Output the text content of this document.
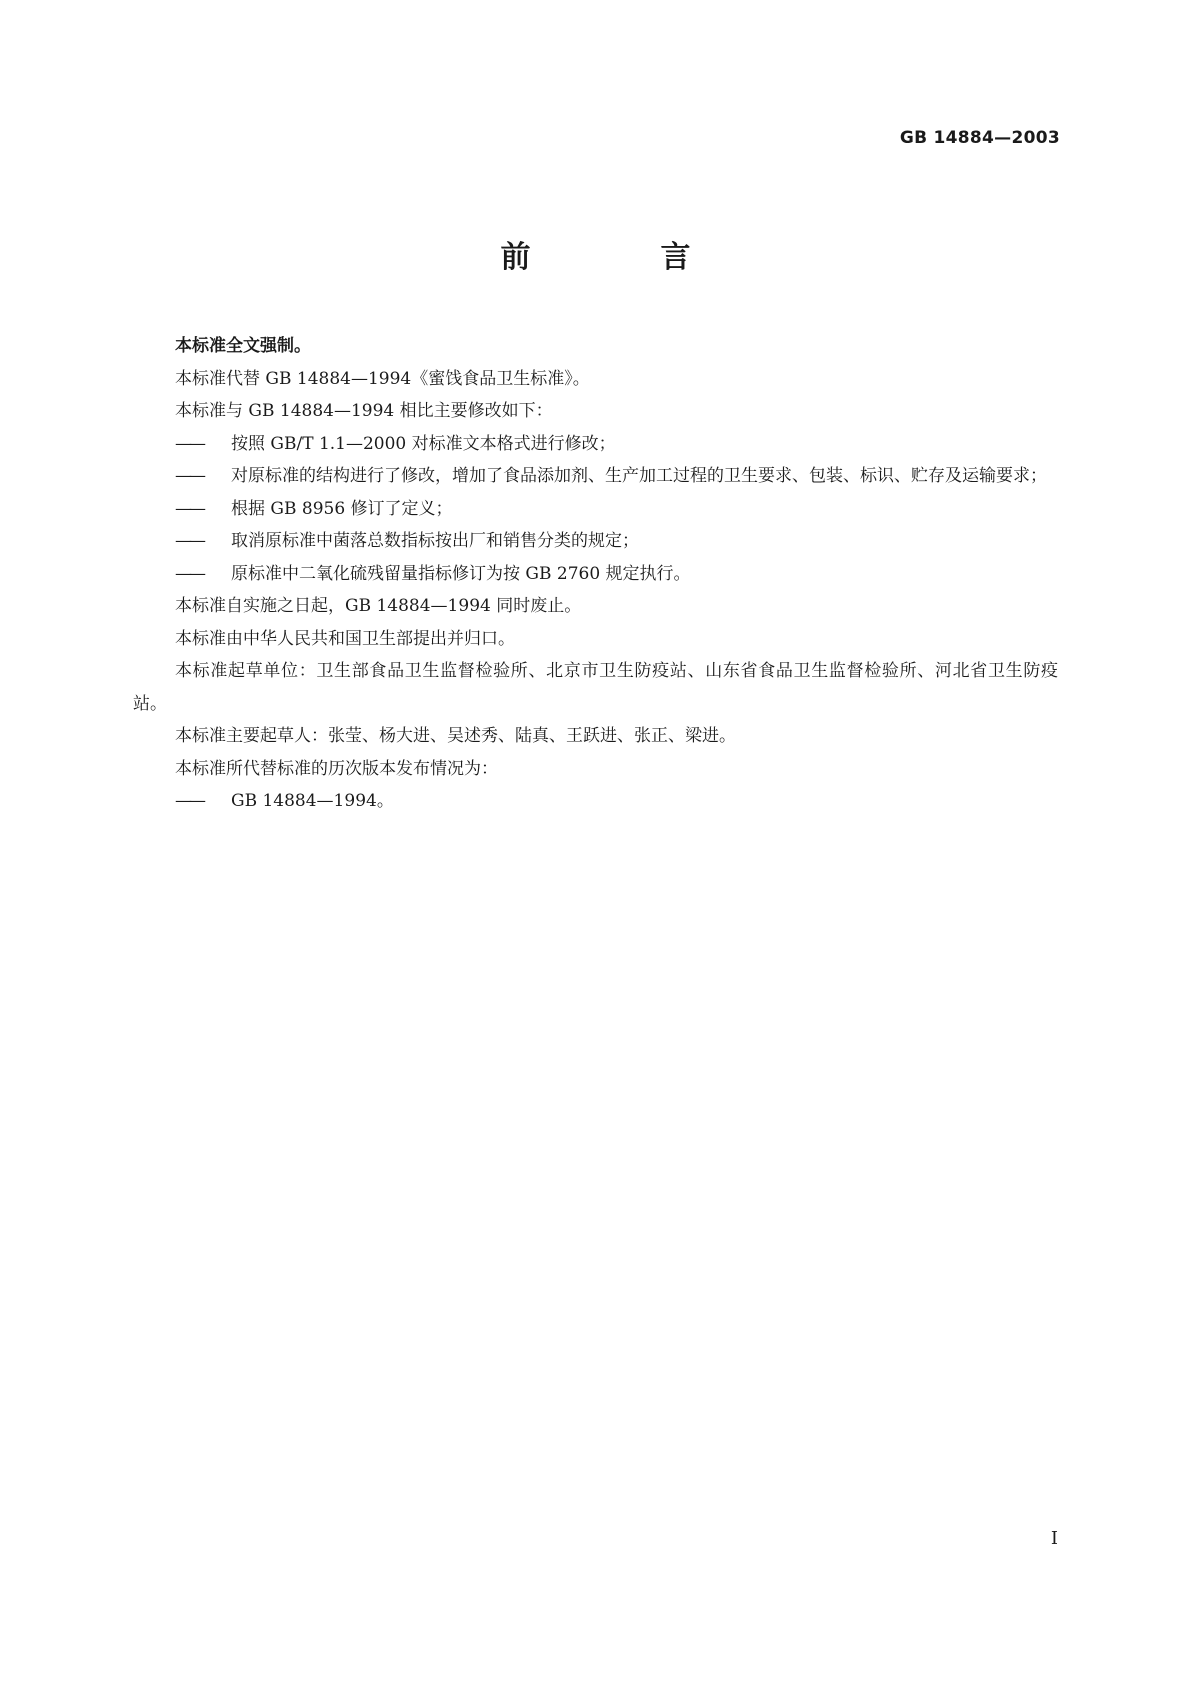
GB 14884—2003
前　言

本标准全文强制。

本标准代替 GB 14884—1994《蜜饯食品卫生标准》。

本标准与 GB 14884—1994 相比主要修改如下：

—— 按照 GB/T 1.1—2000 对标准文本格式进行修改；

—— 对原标准的结构进行了修改，增加了食品添加剂、生产加工过程的卫生要求、包装、标识、贮存及运输要求；

—— 根据 GB 8956 修订了定义；

—— 取消原标准中菌落总数指标按出厂和销售分类的规定；

—— 原标准中二氧化硫残留量指标修订为按 GB 2760 规定执行。

本标准自实施之日起，GB 14884—1994 同时废止。

本标准由中华人民共和国卫生部提出并归口。

本标准起草单位：卫生部食品卫生监督检验所、北京市卫生防疫站、山东省食品卫生监督检验所、河北省卫生防疫站。

本标准主要起草人：张莹、杨大进、吴述秀、陆真、王跃进、张正、梁进。

本标准所代替标准的历次版本发布情况为：

—— GB 14884—1994。

I
